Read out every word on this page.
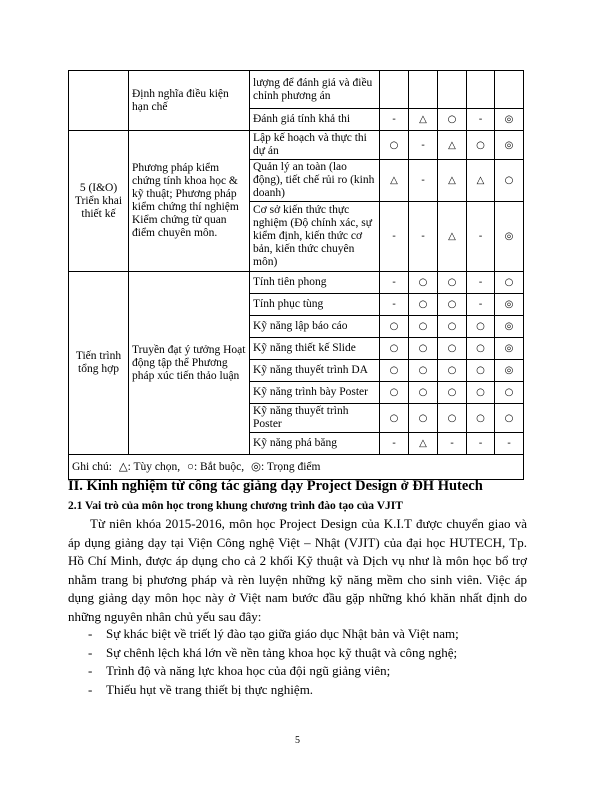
	Định nghĩa điều kiện hạn chế	lượng để đánh giá và điều chỉnh phương án					
		Đánh giá tính khả thi	-	△	○	-	◎
5 (I&O) Triển khai thiết kế	Phương pháp kiểm chứng tính khoa học & kỹ thuật; Phương pháp kiểm chứng thí nghiệm Kiểm chứng từ quan điểm chuyên môn.	Lập kế hoạch và thực thi dự án	○	-	△	○	◎
		Quản lý an toàn (lao động), tiết chế rủi ro (kinh doanh)	△	-	△	△	○
		Cơ sở kiến thức thực nghiệm (Độ chính xác, sự kiểm định, kiến thức cơ bản, kiến thức chuyên môn)	-	-	△	-	◎
Tiến trình tổng hợp	Truyền đạt ý tưởng Hoạt động tập thể Phương pháp xúc tiến thảo luận	Tính tiên phong	-	○	○	-	○
		Tính phục tùng	-	○	○	-	◎
		Kỹ năng lập báo cáo	○	○	○	○	◎
		Kỹ năng thiết kế Slide	○	○	○	○	◎
		Kỹ năng thuyết trình DA	○	○	○	○	◎
		Kỹ năng trình bày Poster	○	○	○	○	○
		Kỹ năng thuyết trình Poster	○	○	○	○	○
		Kỹ năng phá băng	-	△	-	-	-
Ghi chú: △: Tùy chọn, ○: Bắt buộc, ◎: Trọng điểm							
II. Kinh nghiệm từ công tác giảng dạy Project Design ở ĐH Hutech
2.1 Vai trò của môn học trong khung chương trình đào tạo của VJIT

Từ niên khóa 2015-2016, môn học Project Design của K.I.T được chuyển giao và áp dụng giảng dạy tại Viện Công nghệ Việt – Nhật (VJIT) của đại học HUTECH, Tp. Hồ Chí Minh, được áp dụng cho cả 2 khối Kỹ thuật và Dịch vụ như là môn học bổ trợ nhằm trang bị phương pháp và rèn luyện những kỹ năng mềm cho sinh viên. Việc áp dụng giảng dạy môn học này ở Việt nam bước đầu gặp những khó khăn nhất định do những nguyên nhân chủ yếu sau đây:

- Sự khác biệt về triết lý đào tạo giữa giáo dục Nhật bản và Việt nam;
- Sự chênh lệch khá lớn về nền tảng khoa học kỹ thuật và công nghệ;
- Trình độ và năng lực khoa học của đội ngũ giảng viên;
- Thiếu hụt về trang thiết bị thực nghiệm.
5
